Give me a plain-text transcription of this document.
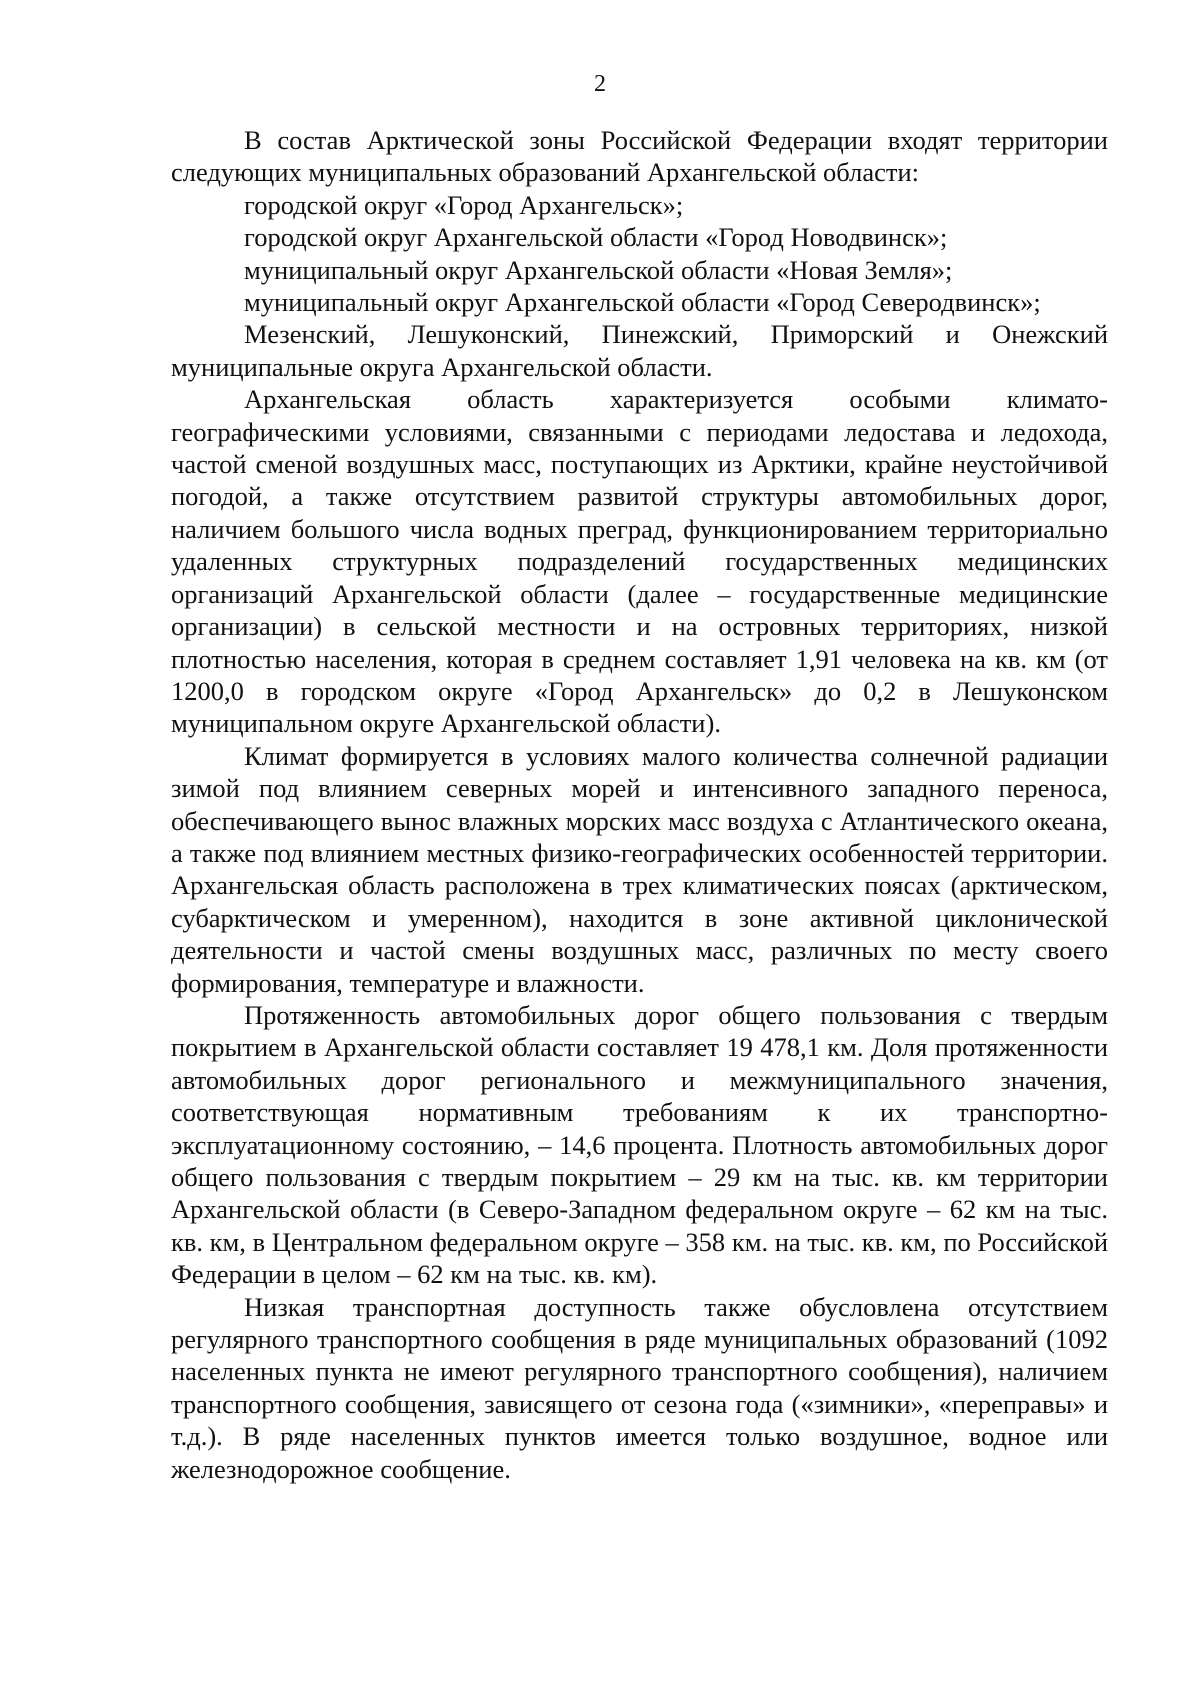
2

В состав Арктической зоны Российской Федерации входят территории следующих муниципальных образований Архангельской области:

городской округ «Город Архангельск»;

городской округ Архангельской области «Город Новодвинск»;

муниципальный округ Архангельской области «Новая Земля»;

муниципальный округ Архангельской области «Город Северодвинск»;

Мезенский, Лешуконский, Пинежский, Приморский и Онежский муниципальные округа Архангельской области.

Архангельская область характеризуется особыми климато-географическими условиями, связанными с периодами ледостава и ледохода, частой сменой воздушных масс, поступающих из Арктики, крайне неустойчивой погодой, а также отсутствием развитой структуры автомобильных дорог, наличием большого числа водных преград, функционированием территориально удаленных структурных подразделений государственных медицинских организаций Архангельской области (далее – государственные медицинские организации) в сельской местности и на островных территориях, низкой плотностью населения, которая в среднем составляет 1,91 человека на кв. км (от 1200,0 в городском округе «Город Архангельск» до 0,2 в Лешуконском муниципальном округе Архангельской области).

Климат формируется в условиях малого количества солнечной радиации зимой под влиянием северных морей и интенсивного западного переноса, обеспечивающего вынос влажных морских масс воздуха с Атлантического океана, а также под влиянием местных физико-географических особенностей территории. Архангельская область расположена в трех климатических поясах (арктическом, субарктическом и умеренном), находится в зоне активной циклонической деятельности и частой смены воздушных масс, различных по месту своего формирования, температуре и влажности.

Протяженность автомобильных дорог общего пользования с твердым покрытием в Архангельской области составляет 19 478,1 км. Доля протяженности автомобильных дорог регионального и межмуниципального значения, соответствующая нормативным требованиям к их транспортно-эксплуатационному состоянию, – 14,6 процента. Плотность автомобильных дорог общего пользования с твердым покрытием – 29 км на тыс. кв. км территории Архангельской области (в Северо-Западном федеральном округе – 62 км на тыс. кв. км, в Центральном федеральном округе – 358 км. на тыс. кв. км, по Российской Федерации в целом – 62 км на тыс. кв. км).

Низкая транспортная доступность также обусловлена отсутствием регулярного транспортного сообщения в ряде муниципальных образований (1092 населенных пункта не имеют регулярного транспортного сообщения), наличием транспортного сообщения, зависящего от сезона года («зимники», «переправы» и т.д.). В ряде населенных пунктов имеется только воздушное, водное или железнодорожное сообщение.
